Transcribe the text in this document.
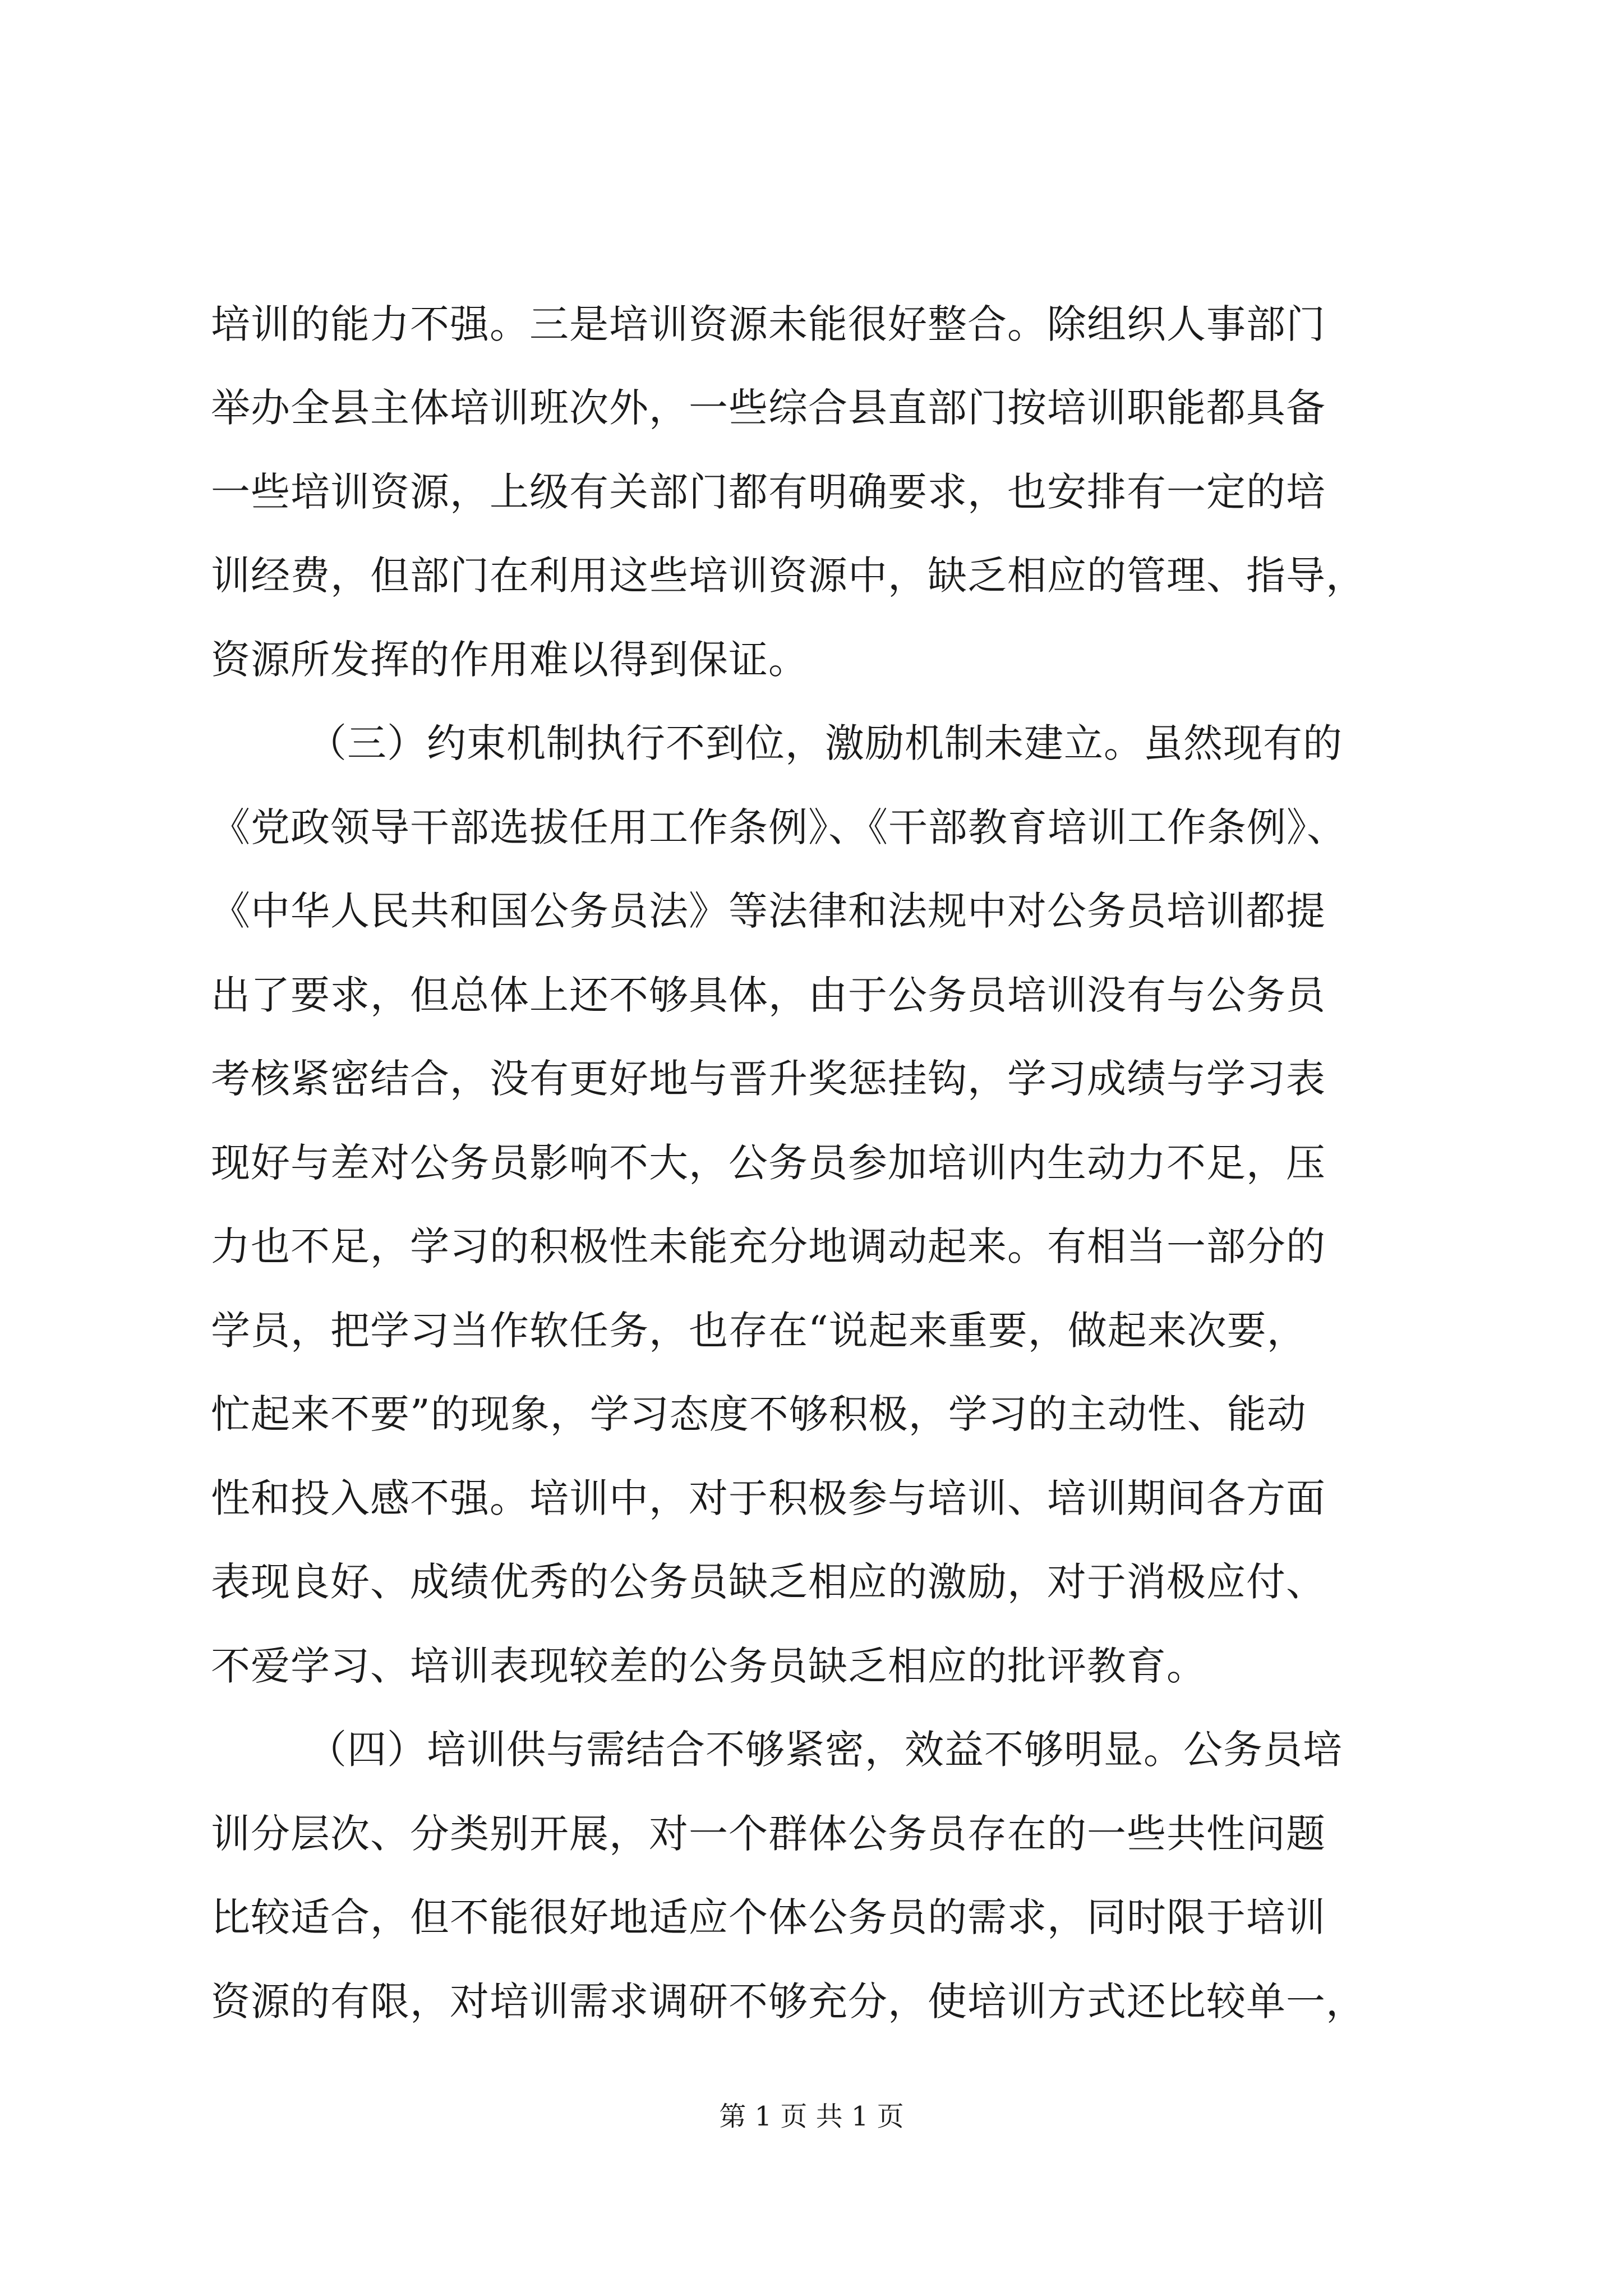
培训的能力不强。三是培训资源未能很好整合。除组织人事部门
举办全县主体培训班次外，一些综合县直部门按培训职能都具备
一些培训资源，上级有关部门都有明确要求，也安排有一定的培
训经费，但部门在利用这些培训资源中，缺乏相应的管理、指导，
资源所发挥的作用难以得到保证。
（三）约束机制执行不到位，激励机制未建立。虽然现有的
《党政领导干部选拔任用工作条例》、《干部教育培训工作条例》、
《中华人民共和国公务员法》等法律和法规中对公务员培训都提
出了要求，但总体上还不够具体，由于公务员培训没有与公务员
考核紧密结合，没有更好地与晋升奖惩挂钩，学习成绩与学习表
现好与差对公务员影响不大，公务员参加培训内生动力不足，压
力也不足，学习的积极性未能充分地调动起来。有相当一部分的
学员，把学习当作软任务，也存在“说起来重要，做起来次要，
忙起来不要”的现象，学习态度不够积极，学习的主动性、能动
性和投入感不强。培训中，对于积极参与培训、培训期间各方面
表现良好、成绩优秀的公务员缺乏相应的激励，对于消极应付、
不爱学习、培训表现较差的公务员缺乏相应的批评教育。
（四）培训供与需结合不够紧密，效益不够明显。公务员培
训分层次、分类别开展，对一个群体公务员存在的一些共性问题
比较适合，但不能很好地适应个体公务员的需求，同时限于培训
资源的有限，对培训需求调研不够充分，使培训方式还比较单一，
第 1 页 共 1 页
